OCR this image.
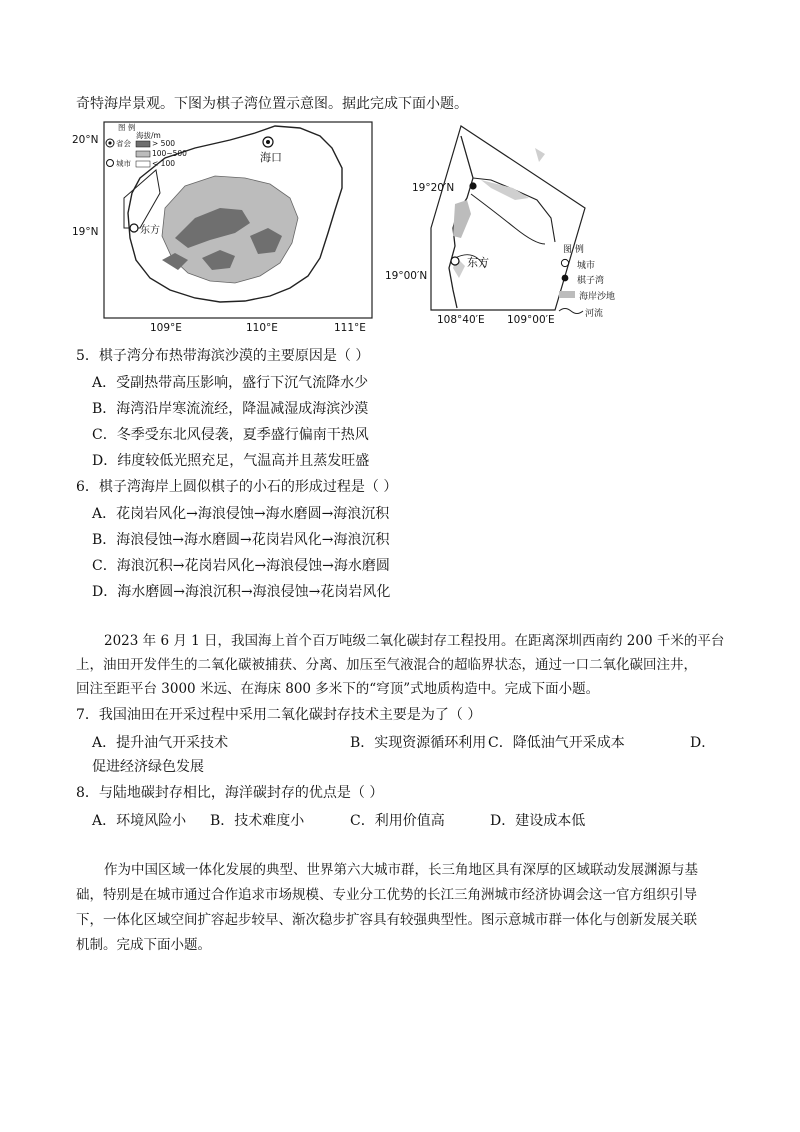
奇特海岸景观。下图为棋子湾位置示意图。据此完成下面小题。
20°N
19°N
109°E	110°E	111°E
海口
东方
图 例
省会
海拔/m
城市
> 500
100~500
< 100
19°20′N
19°00′N
108°40′E 109°00′E
东方
图 例
城市
棋子湾
海岸沙地
河流
5．棋子湾分布热带海滨沙漠的主要原因是（ ）
A．受副热带高压影响，盛行下沉气流降水少
B．海湾沿岸寒流流经，降温减湿成海滨沙漠
C．冬季受东北风侵袭，夏季盛行偏南干热风
D．纬度较低光照充足，气温高并且蒸发旺盛
6．棋子湾海岸上圆似棋子的小石的形成过程是（ ）
A．花岗岩风化→海浪侵蚀→海水磨圆→海浪沉积
B．海浪侵蚀→海水磨圆→花岗岩风化→海浪沉积
C．海浪沉积→花岗岩风化→海浪侵蚀→海水磨圆
D．海水磨圆→海浪沉积→海浪侵蚀→花岗岩风化
2023 年 6 月 1 日，我国海上首个百万吨级二氧化碳封存工程投用。在距离深圳西南约 200 千米的平台
上，油田开发伴生的二氧化碳被捕获、分离、加压至气液混合的超临界状态，通过一口二氧化碳回注井，
回注至距平台 3000 米远、在海床 800 多米下的“穹顶”式地质构造中。完成下面小题。
7．我国油田在开采过程中采用二氧化碳封存技术主要是为了（ ）
A．提升油气开采技术	B．实现资源循环利用 C．降低油气开采成本	D．
促进经济绿色发展
8．与陆地碳封存相比，海洋碳封存的优点是（ ）
A．环境风险小 B．技术难度小	C．利用价值高	D．建设成本低
作为中国区域一体化发展的典型、世界第六大城市群，长三角地区具有深厚的区域联动发展渊源与基
础，特别是在城市通过合作追求市场规模、专业分工优势的长江三角洲城市经济协调会这一官方组织引导
下，一体化区域空间扩容起步较早、渐次稳步扩容具有较强典型性。图示意城市群一体化与创新发展关联
机制。完成下面小题。
